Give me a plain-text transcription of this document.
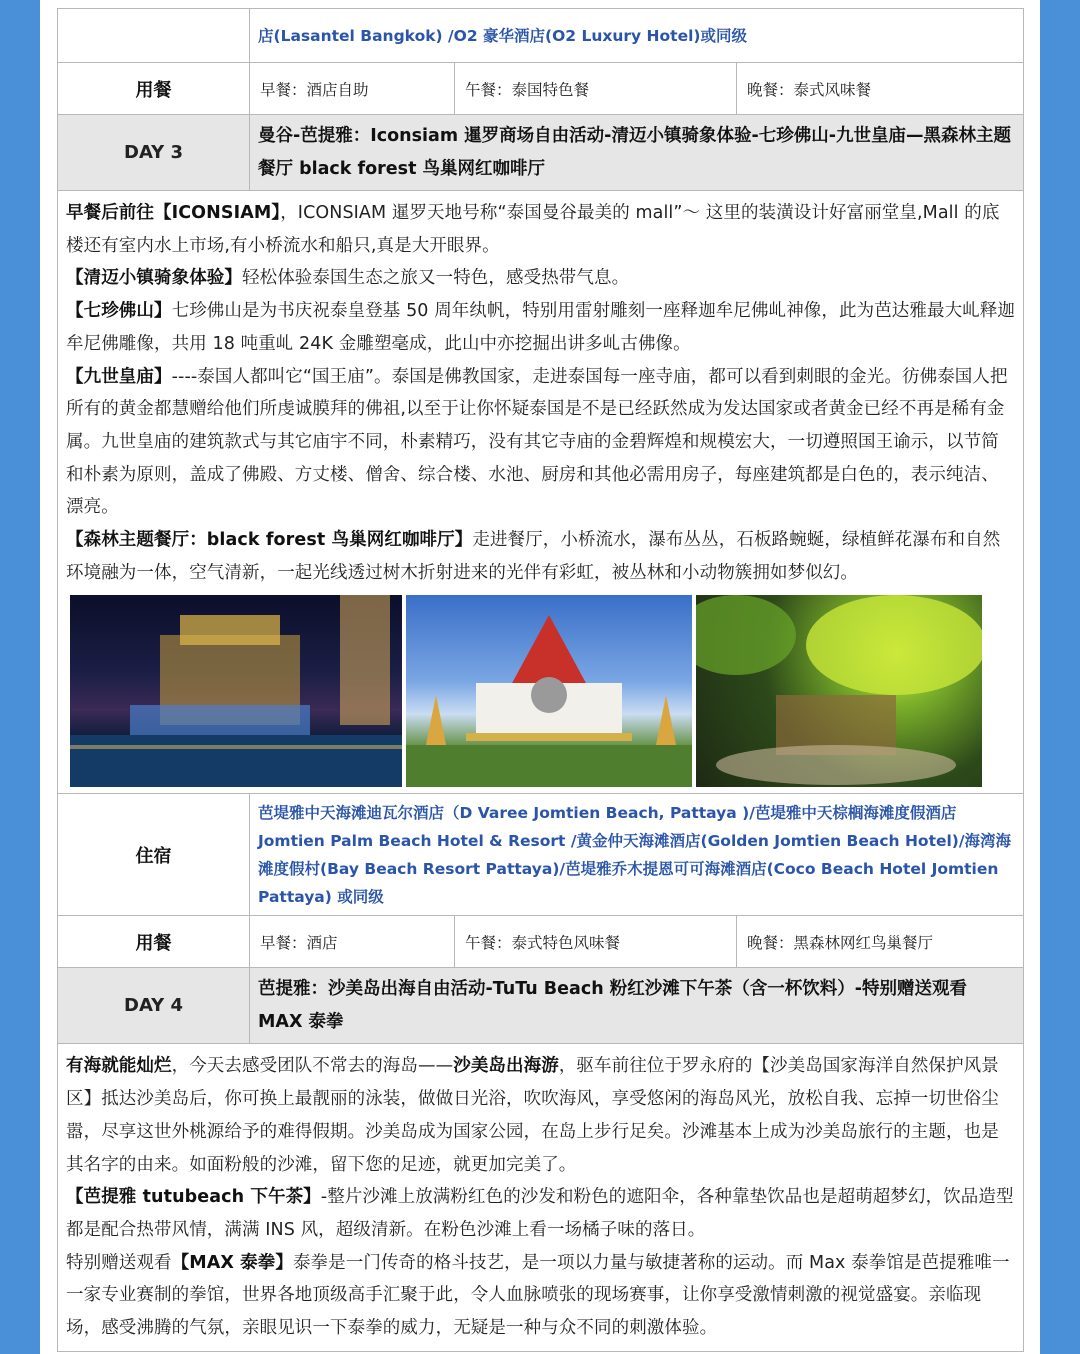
	店(Lasantel Bangkok) /O2 豪华酒店(O2 Luxury Hotel)或同级		
用餐	早餐：酒店自助	午餐：泰国特色餐	晚餐：泰式风味餐
DAY 3	曼谷-芭提雅：Iconsiam 暹罗商场自由活动-清迈小镇骑象体验-七珍佛山-九世皇庙—黑森林主题餐厅 black forest 鸟巢网红咖啡厅		

早餐后前往【ICONSIAM】，ICONSIAM 暹罗天地号称“泰国曼谷最美的 mall”～ 这里的装潢设计好富丽堂皇,Mall 的底楼还有室内水上市场,有小桥流水和船只,真是大开眼界。

【清迈小镇骑象体验】轻松体验泰国生态之旅又一特色，感受热带气息。

【七珍佛山】七珍佛山是为书庆祝泰皇登基 50 周年纨帆，特别用雷射雕刻一座释迦牟尼佛乢神像，此为芭达雅最大乢释迦牟尼佛雕像，共用 18 吨重乢 24K 金雕塑毫成，此山中亦挖掘出讲多乢古佛像。

【九世皇庙】----泰国人都叫它“国王庙”。泰国是佛教国家，走进泰国每一座寺庙，都可以看到刺眼的金光。彷佛泰国人把所有的黄金都慧赠给他们所虔诚膜拜的佛祖,以至于让你怀疑泰国是不是已经跃然成为发达国家或者黄金已经不再是稀有金属。九世皇庙的建筑款式与其它庙宇不同，朴素精巧，没有其它寺庙的金碧辉煌和规模宏大，一切遵照国王谕示，以节简和朴素为原则，盖成了佛殿、方丈楼、僧舍、综合楼、水池、厨房和其他必需用房子，每座建筑都是白色的，表示纯洁、漂亮。

【森林主题餐厅：black forest 鸟巢网红咖啡厅】走进餐厅，小桥流水，瀑布丛丛，石板路蜿蜒，绿植鲜花瀑布和自然环境融为一体，空气清新，一起光线透过树木折射进来的光伴有彩虹，被丛林和小动物簇拥如梦似幻。			

住宿	芭堤雅中天海滩迪瓦尔酒店（D Varee Jomtien Beach, Pattaya )/芭堤雅中天棕榈海滩度假酒店 Jomtien Palm Beach Hotel & Resort /黄金仲天海滩酒店(Golden Jomtien Beach Hotel)/海湾海滩度假村(Bay Beach Resort Pattaya)/芭堤雅乔木提恩可可海滩酒店(Coco Beach Hotel Jomtien Pattaya) 或同级		
用餐	早餐：酒店	午餐：泰式特色风味餐	晚餐：黑森林网红鸟巢餐厅
DAY 4	芭提雅：沙美岛出海自由活动-TuTu Beach 粉红沙滩下午茶（含一杯饮料）-特别赠送观看 MAX 泰拳		

有海就能灿烂，今天去感受团队不常去的海岛——沙美岛出海游，驱车前往位于罗永府的【沙美岛国家海洋自然保护风景区】抵达沙美岛后，你可换上最靓丽的泳装，做做日光浴，吹吹海风，享受悠闲的海岛风光，放松自我、忘掉一切世俗尘嚣，尽享这世外桃源给予的难得假期。沙美岛成为国家公园，在岛上步行足矣。沙滩基本上成为沙美岛旅行的主题，也是其名字的由来。如面粉般的沙滩，留下您的足迹，就更加完美了。

【芭提雅 tutubeach 下午茶】-整片沙滩上放满粉红色的沙发和粉色的遮阳伞，各种靠垫饮品也是超萌超梦幻，饮品造型都是配合热带风情，满满 INS 风，超级清新。在粉色沙滩上看一场橘子味的落日。

特别赠送观看【MAX 泰拳】泰拳是一门传奇的格斗技艺，是一项以力量与敏捷著称的运动。而 Max 泰拳馆是芭提雅唯一一家专业赛制的拳馆，世界各地顶级高手汇聚于此，令人血脉喷张的现场赛事，让你享受激情刺激的视觉盛宴。亲临现场，感受沸腾的气氛，亲眼见识一下泰拳的威力，无疑是一种与众不同的刺激体验。			
